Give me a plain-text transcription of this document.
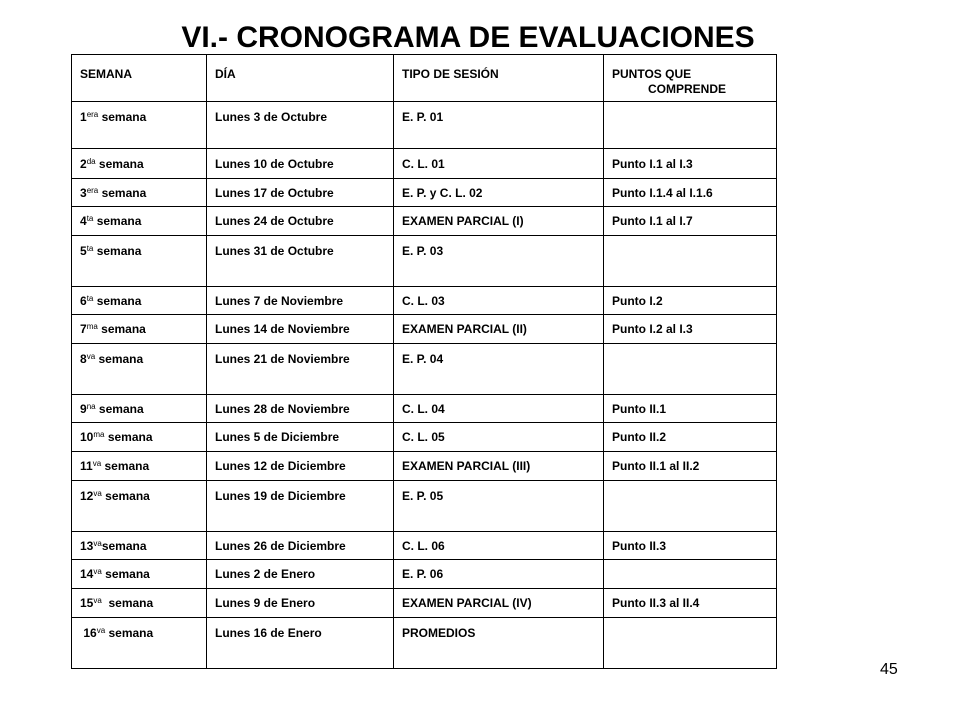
VI.- CRONOGRAMA DE EVALUACIONES
SEMANA	DÍA	TIPO DE SESIÓN	PUNTOS QUE
COMPRENDE

$1^{era}$ semana	Lunes 3 de Octubre	E. P. 01	
$2^{da}$ semana	Lunes 10 de Octubre	C. L. 01	Punto I.1 al I.3
$3^{era}$ semana	Lunes 17 de Octubre	E. P. y C. L. 02	Punto I.1.4 al I.1.6
$4^{ta}$ semana	Lunes 24 de Octubre	EXAMEN PARCIAL (I)	Punto I.1 al I.7
$5^{ta}$ semana	Lunes 31 de Octubre	E. P. 03	
$6^{ta}$ semana	Lunes 7 de Noviembre	C. L. 03	Punto I.2
$7^{ma}$ semana	Lunes 14 de Noviembre	EXAMEN PARCIAL (II)	Punto I.2 al I.3
$8^{va}$ semana	Lunes 21 de Noviembre	E. P. 04	
$9^{na}$ semana	Lunes 28 de Noviembre	C. L. 04	Punto II.1
$10^{ma}$ semana	Lunes 5 de Diciembre	C. L. 05	Punto II.2
$11^{va}$ semana	Lunes 12 de Diciembre	EXAMEN PARCIAL (III)	Punto II.1 al II.2
$12^{va}$ semana	Lunes 19 de Diciembre	E. P. 05	
$13^{va}semana$	Lunes 26 de Diciembre	C. L. 06	Punto II.3
$14^{va}$ semana	Lunes 2 de Enero	E. P. 06	
$15^{va}$  semana	Lunes 9 de Enero	EXAMEN PARCIAL (IV)	Punto II.3 al II.4
$16^{va}$ semana	Lunes 16 de Enero	PROMEDIOS	
45
